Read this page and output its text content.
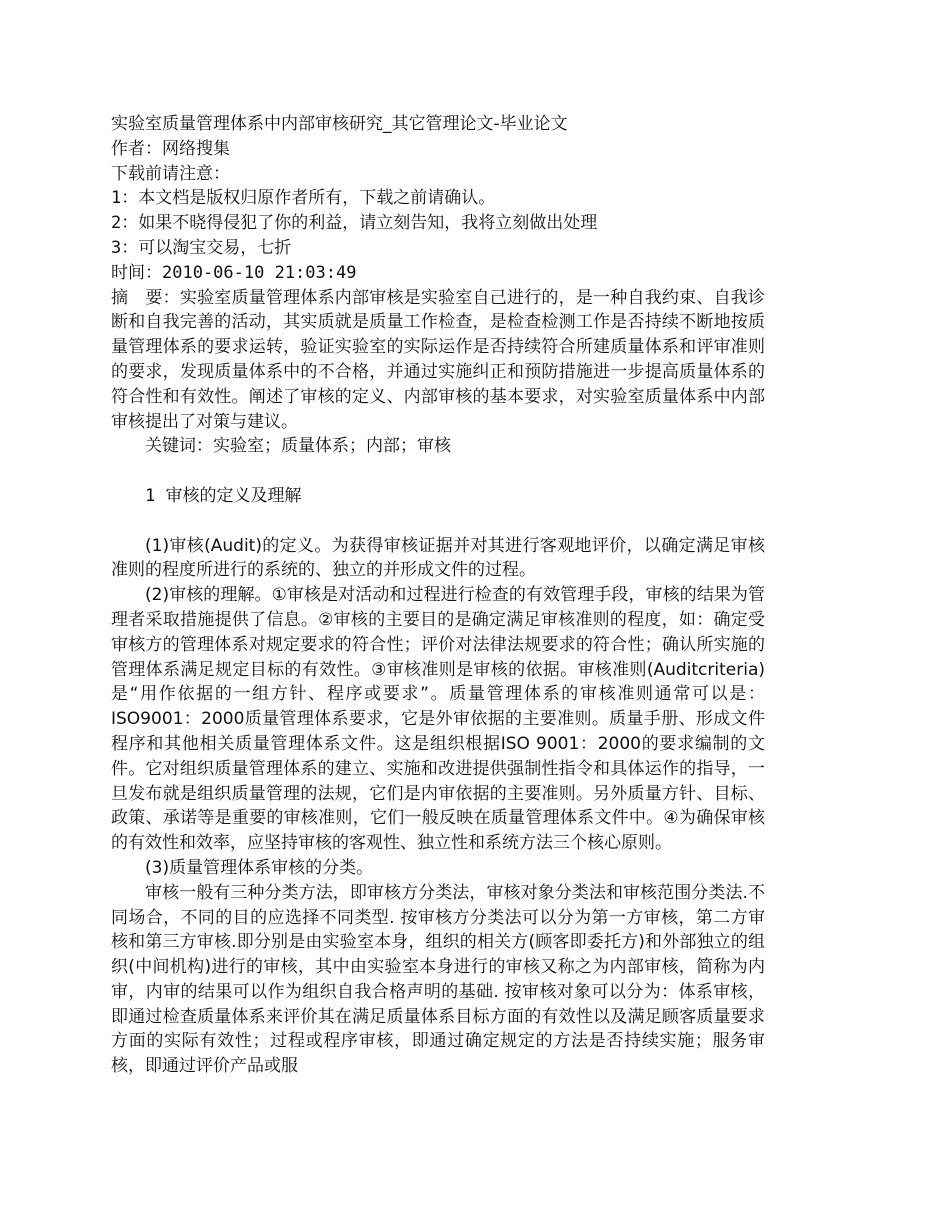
实验室质量管理体系中内部审核研究_其它管理论文-毕业论文
作者：网络搜集
下载前请注意：
1：本文档是版权归原作者所有，下载之前请确认。
2：如果不晓得侵犯了你的利益，请立刻告知，我将立刻做出处理
3：可以淘宝交易，七折
时间：2010-06-10 21:03:49

摘　要：实验室质量管理体系内部审核是实验室自己进行的，是一种自我约束、自我诊断和自我完善的活动，其实质就是质量工作检查，是检查检测工作是否持续不断地按质量管理体系的要求运转，验证实验室的实际运作是否持续符合所建质量体系和评审准则的要求，发现质量体系中的不合格，并通过实施纠正和预防措施进一步提高质量体系的符合性和有效性。阐述了审核的定义、内部审核的基本要求，对实验室质量体系中内部审核提出了对策与建议。

关键词：实验室；质量体系；内部；审核

1 审核的定义及理解

(1)审核(Audit)的定义。为获得审核证据并对其进行客观地评价，以确定满足审核准则的程度所进行的系统的、独立的并形成文件的过程。

(2)审核的理解。①审核是对活动和过程进行检查的有效管理手段，审核的结果为管理者采取措施提供了信息。②审核的主要目的是确定满足审核准则的程度，如：确定受审核方的管理体系对规定要求的符合性；评价对法律法规要求的符合性；确认所实施的管理体系满足规定目标的有效性。③审核准则是审核的依据。审核准则(Auditcriteria)是“用作依据的一组方针、程序或要求”。质量管理体系的审核准则通常可以是：ISO9001：2000质量管理体系要求，它是外审依据的主要准则。质量手册、形成文件程序和其他相关质量管理体系文件。这是组织根据ISO 9001：2000的要求编制的文件。它对组织质量管理体系的建立、实施和改进提供强制性指令和具体运作的指导，一旦发布就是组织质量管理的法规，它们是内审依据的主要准则。另外质量方针、目标、政策、承诺等是重要的审核准则，它们一般反映在质量管理体系文件中。④为确保审核的有效性和效率，应坚持审核的客观性、独立性和系统方法三个核心原则。

(3)质量管理体系审核的分类。

审核一般有三种分类方法，即审核方分类法，审核对象分类法和审核范围分类法.不同场合，不同的目的应选择不同类型. 按审核方分类法可以分为第一方审核，第二方审核和第三方审核.即分别是由实验室本身，组织的相关方(顾客即委托方)和外部独立的组织(中间机构)进行的审核，其中由实验室本身进行的审核又称之为内部审核，简称为内审，内审的结果可以作为组织自我合格声明的基础. 按审核对象可以分为：体系审核，即通过检查质量体系来评价其在满足质量体系目标方面的有效性以及满足顾客质量要求方面的实际有效性；过程或程序审核，即通过确定规定的方法是否持续实施；服务审核，即通过评价产品或服
